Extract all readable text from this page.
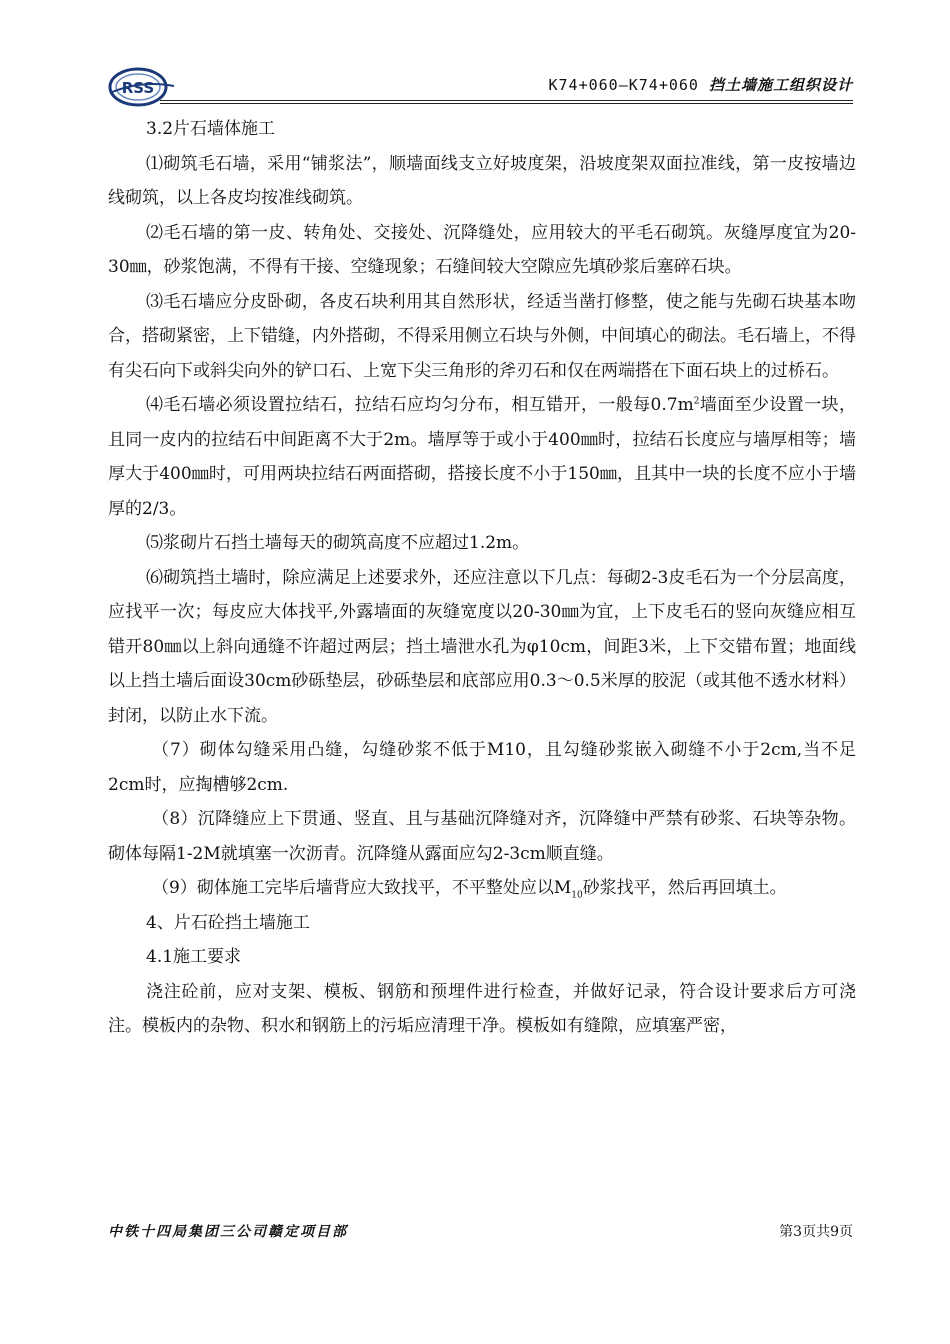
RSS	K74+060—K74+060 挡土墙施工组织设计

3.2片石墙体施工

⑴砌筑毛石墙，采用“铺浆法”，顺墙面线支立好坡度架，沿坡度架双面拉准线，第一皮按墙边线砌筑，以上各皮均按准线砌筑。

⑵毛石墙的第一皮、转角处、交接处、沉降缝处，应用较大的平毛石砌筑。灰缝厚度宜为20-30㎜，砂浆饱满，不得有干接、空缝现象；石缝间较大空隙应先填砂浆后塞碎石块。

⑶毛石墙应分皮卧砌，各皮石块利用其自然形状，经适当凿打修整，使之能与先砌石块基本吻合，搭砌紧密，上下错缝，内外搭砌，不得采用侧立石块与外侧，中间填心的砌法。毛石墙上，不得有尖石向下或斜尖向外的铲口石、上宽下尖三角形的斧刃石和仅在两端搭在下面石块上的过桥石。

⑷毛石墙必须设置拉结石，拉结石应均匀分布，相互错开，一般每$0.7m^2$墙面至少设置一块，且同一皮内的拉结石中间距离不大于2m。墙厚等于或小于400㎜时，拉结石长度应与墙厚相等；墙厚大于400㎜时，可用两块拉结石两面搭砌，搭接长度不小于150㎜，且其中一块的长度不应小于墙厚的2/3。

⑸浆砌片石挡土墙每天的砌筑高度不应超过1.2m。

⑹砌筑挡土墙时，除应满足上述要求外，还应注意以下几点：每砌2-3皮毛石为一个分层高度，应找平一次；每皮应大体找平,外露墙面的灰缝宽度以20-30㎜为宜，上下皮毛石的竖向灰缝应相互错开80㎜以上斜向通缝不许超过两层；挡土墙泄水孔为φ10cm，间距3米，上下交错布置；地面线以上挡土墙后面设30cm砂砾垫层，砂砾垫层和底部应用0.3～0.5米厚的胶泥（或其他不透水材料）封闭，以防止水下流。

（7）砌体勾缝采用凸缝，勾缝砂浆不低于M10，且勾缝砂浆嵌入砌缝不小于2cm,当不足2cm时，应掏槽够2cm.

（8）沉降缝应上下贯通、竖直、且与基础沉降缝对齐，沉降缝中严禁有砂浆、石块等杂物。砌体每隔1-2M就填塞一次沥青。沉降缝从露面应勾2-3cm顺直缝。

（9）砌体施工完毕后墙背应大致找平，不平整处应以$M_{10}$砂浆找平，然后再回填土。

4、片石砼挡土墙施工

4.1施工要求

浇注砼前，应对支架、模板、钢筋和预埋件进行检查，并做好记录，符合设计要求后方可浇注。模板内的杂物、积水和钢筋上的污垢应清理干净。模板如有缝隙，应填塞严密，

中铁十四局集团三公司赣定项目部	第3页共9页
